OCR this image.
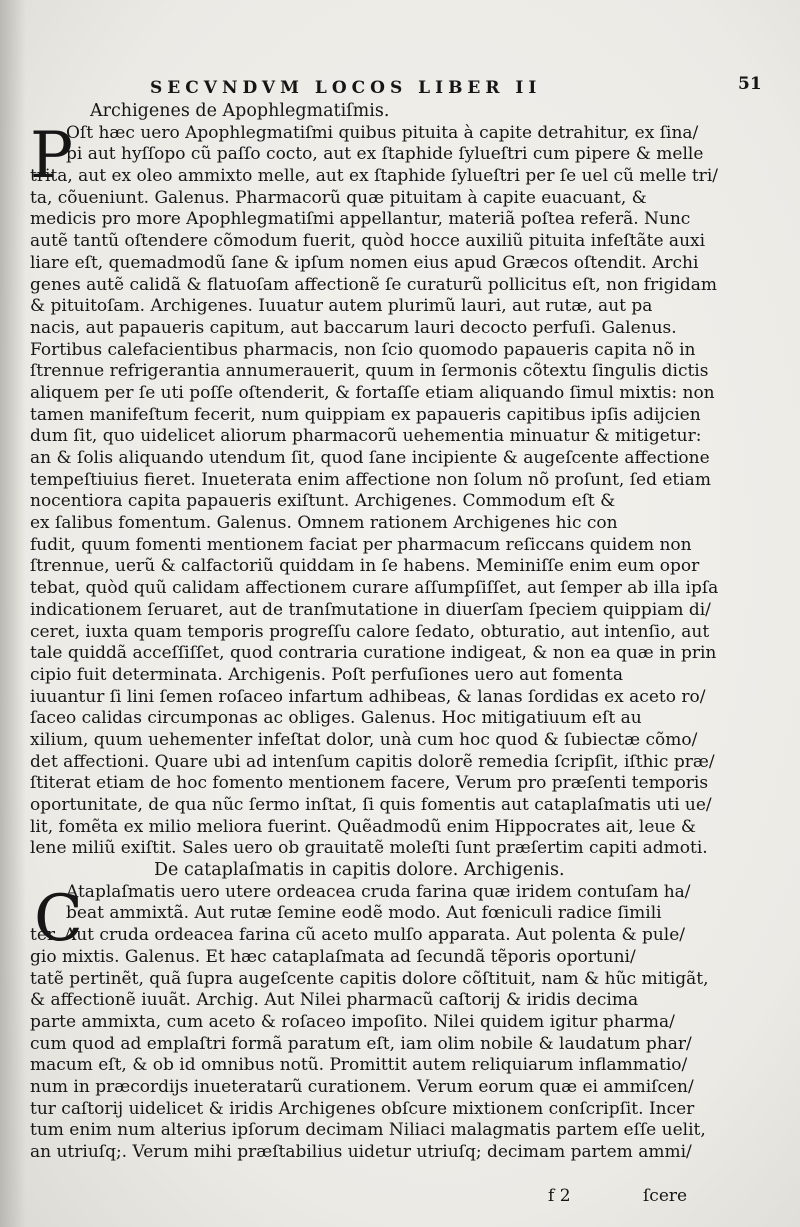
SECVNDVM LOCOS LIBER II	51
P
C
Archigenes de Apophlegmatiſmis.
Oſt hæc uero Apophlegmatiſmi quibus pituita à capite detrahitur, ex ſina/
pi aut hyſſopo cũ paſſo cocto, aut ex ſtaphide ſylueſtri cum pipere & melle
trita, aut ex oleo ammixto melle, aut ex ſtaphide ſylueſtri per ſe uel cũ melle tri/
ta, cõueniunt. Galenus. Pharmacorũ quæ pituitam à capite euacuant, &
medicis pro more Apophlegmatiſmi appellantur, materiã poſtea referã. Nunc
autẽ tantũ oſtendere cõmodum fuerit, quòd hocce auxiliũ pituita infeſtãte auxi
liare eſt, quemadmodũ ſane & ipſum nomen eius apud Græcos oſtendit. Archi
genes autẽ calidã & flatuoſam affectionẽ ſe curaturũ pollicitus eſt, non frigidam
& pituitoſam. Archigenes. Iuuatur autem plurimũ lauri, aut rutæ, aut pa
nacis, aut papaueris capitum, aut baccarum lauri decocto perfuſi. Galenus.
Fortibus calefacientibus pharmacis, non ſcio quomodo papaueris capita nõ in
ſtrennue refrigerantia annumerauerit, quum in ſermonis cõtextu ſingulis dictis
aliquem per ſe uti poſſe oſtenderit, & fortaſſe etiam aliquando ſimul mixtis: non
tamen manifeſtum fecerit, num quippiam ex papaueris capitibus ipſis adijcien
dum ſit, quo uidelicet aliorum pharmacorũ uehementia minuatur & mitigetur:
an & ſolis aliquando utendum ſit, quod ſane incipiente & augeſcente affectione
tempeſtiuius fieret. Inueterata enim affectione non ſolum nõ proſunt, ſed etiam
nocentiora capita papaueris exiſtunt. Archigenes. Commodum eſt &
ex ſalibus fomentum. Galenus. Omnem rationem Archigenes hic con
fudit, quum fomenti mentionem faciat per pharmacum reſiccans quidem non
ſtrennue, uerũ & calfactoriũ quiddam in ſe habens. Meminiſſe enim eum opor
tebat, quòd quũ calidam affectionem curare aſſumpſiſſet, aut ſemper ab illa ipſa
indicationem ſeruaret, aut de tranſmutatione in diuerſam ſpeciem quippiam di/
ceret, iuxta quam temporis progreſſu calore ſedato, obturatio, aut intenſio, aut
tale quiddã acceſſiſſet, quod contraria curatione indigeat, & non ea quæ in prin
cipio fuit determinata. Archigenis. Poſt perfuſiones uero aut fomenta
iuuantur ſi lini ſemen roſaceo infartum adhibeas, & lanas ſordidas ex aceto ro/
ſaceo calidas circumponas ac obliges. Galenus. Hoc mitigatiuum eſt au
xilium, quum uehementer infeſtat dolor, unà cum hoc quod & ſubiectæ cõmo/
det affectioni. Quare ubi ad intenſum capitis dolorẽ remedia ſcripſit, iſthic præ/
ſtiterat etiam de hoc fomento mentionem facere, Verum pro præſenti temporis
oportunitate, de qua nũc ſermo inſtat, ſi quis fomentis aut cataplaſmatis uti ue/
lit, fomẽta ex milio meliora fuerint. Quẽadmodũ enim Hippocrates ait, leue &
lene miliũ exiſtit. Sales uero ob grauitatẽ moleſti ſunt præſertim capiti admoti.
De cataplaſmatis in capitis dolore. Archigenis.
Ataplaſmatis uero utere ordeacea cruda farina quæ iridem contuſam ha/
beat ammixtã. Aut rutæ ſemine eodẽ modo. Aut fœniculi radice ſimili
ter. Aut cruda ordeacea farina cũ aceto mulſo apparata. Aut polenta & pule/
gio mixtis. Galenus. Et hæc cataplaſmata ad ſecundã tẽporis oportuni/
tatẽ pertinẽt, quã ſupra augeſcente capitis dolore cõſtituit, nam & hũc mitigãt,
& affectionẽ iuuãt. Archig. Aut Nilei pharmacũ caſtorij & iridis decima
parte ammixta, cum aceto & roſaceo impoſito. Nilei quidem igitur pharma/
cum quod ad emplaſtri formã paratum eſt, iam olim nobile & laudatum phar/
macum eſt, & ob id omnibus notũ. Promittit autem reliquiarum inflammatio/
num in præcordijs inueteratarũ curationem. Verum eorum quæ ei ammiſcen/
tur caſtorij uidelicet & iridis Archigenes obſcure mixtionem conſcripſit. Incer
tum enim num alterius ipſorum decimam Niliaci malagmatis partem eſſe uelit,
an utriuſq;. Verum mihi præſtabilius uidetur utriuſq; decimam partem ammi/
f 2	ſcere
